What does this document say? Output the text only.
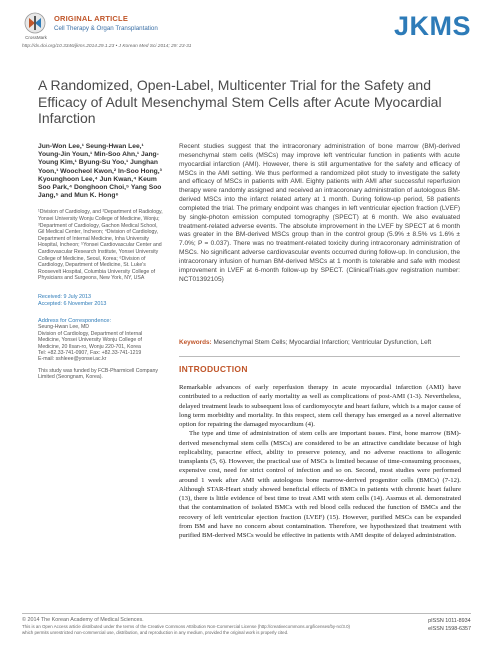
CrossMark
ORIGINAL ARTICLE
Cell Therapy & Organ Transplantation	JKMS
http://dx.doi.org/10.3346/jkms.2014.29.1.23 • J Korean Med Sci 2014; 29: 23-31
A Randomized, Open-Label, Multicenter Trial for the Safety and Efficacy of Adult Mesenchymal Stem Cells after Acute Myocardial Infarction
Jun-Won Lee,¹ Seung-Hwan Lee,¹ Young-Jin Youn,¹ Min-Soo Ahn,¹ Jang-Young Kim,¹ Byung-Su Yoo,¹ Junghan Yoon,¹ Woocheol Kwon,² In-Soo Hong,³ Kyounghoon Lee,⁴ Jun Kwan,⁴ Keum Soo Park,⁴ Donghoon Choi,⁵ Yang Soo Jang,⁵ and Mun K. Hong⁶
¹Division of Cardiology, and ²Department of Radiology, Yonsei University Wonju College of Medicine, Wonju; ³Department of Cardiology, Gachon Medical School, Gil Medical Center, Incheon; ⁴Division of Cardiology, Department of Internal Medicine, Inha University Hospital, Incheon; ⁵Yonsei Cardiovascular Center and Cardiovascular Research Institute, Yonsei University College of Medicine, Seoul, Korea; ⁶Division of Cardiology, Department of Medicine, St. Luke's Roosevelt Hospital, Columbia University College of Physicians and Surgeons, New York, NY, USA
Received: 9 July 2013
Accepted: 6 November 2013
Address for Correspondence:
Seung-Hwan Lee, MD
Division of Cardiology, Department of Internal Medicine, Yonsei University Wonju College of Medicine, 20 Ilsan-ro, Wonju 220-701, Korea
Tel: +82.33-741-0907, Fax: +82.33-741-1219
E-mail: sshleee@yonsei.ac.kr
This study was funded by FCB-Pharmicell Company Limited (Seongnam, Korea).
Recent studies suggest that the intracoronary administration of bone marrow (BM)-derived mesenchymal stem cells (MSCs) may improve left ventricular function in patients with acute myocardial infarction (AMI). However, there is still argumentative for the safety and efficacy of MSCs in the AMI setting. We thus performed a randomized pilot study to investigate the safety and efficacy of MSCs in patients with AMI. Eighty patients with AMI after successful reperfusion therapy were randomly assigned and received an intracoronary administration of autologous BM-derived MSCs into the infarct related artery at 1 month. During follow-up period, 58 patients completed the trial. The primary endpoint was changes in left ventricular ejection fraction (LVEF) by single-photon emission computed tomography (SPECT) at 6 month. We also evaluated treatment-related adverse events. The absolute improvement in the LVEF by SPECT at 6 month was greater in the BM-derived MSCs group than in the control group (5.9% ± 8.5% vs 1.6% ± 7.0%; P = 0.037). There was no treatment-related toxicity during intracoronary administration of MSCs. No significant adverse cardiovascular events occurred during follow-up. In conclusion, the intracoronary infusion of human BM-derived MSCs at 1 month is tolerable and safe with modest improvement in LVEF at 6-month follow-up by SPECT. (ClinicalTrials.gov registration number: NCT01392105)
Keywords: Mesenchymal Stem Cells; Myocardial Infarction; Ventricular Dysfunction, Left
INTRODUCTION

Remarkable advances of early reperfusion therapy in acute myocardial infarction (AMI) have contributed to a reduction of early mortality as well as complications of post-AMI (1-3). Nevertheless, delayed treatment leads to subsequent loss of cardiomyocyte and heart failure, which is a major cause of long term morbidity and mortality. In this respect, stem cell therapy has emerged as a novel alternative option for repairing the damaged myocardium (4).

The type and time of administration of stem cells are important issues. First, bone marrow (BM)-derived mesenchymal stem cells (MSCs) are considered to be an attractive candidate because of high replicability, paracrine effect, ability to preserve potency, and no adverse reactions to allogenic transplants (5, 6). However, the practical use of MSCs is limited because of time-consuming processes, expensive cost, need for strict control of infection and so on. Second, most studies were performed around 1 week after AMI with autologous bone marrow-derived progenitor cells (BMCs) (7-12). Although STAR-Heart study showed beneficial effects of BMCs in patients with chronic heart failure (13), there is little evidence of best time to treat AMI with stem cells (14). Assmus et al. demonstrated that the contamination of isolated BMCs with red blood cells reduced the function of BMCs and the recovery of left ventricular ejection fraction (LVEF) (15). However, purified MSCs can be expanded from BM and have no concern about contamination. Therefore, we hypothesized that treatment with purified BM-derived MSCs would be effective in patients with AMI despite of delayed administration.

© 2014 The Korean Academy of Medical Sciences.
This is an Open Access article distributed under the terms of the Creative Commons Attribution Non-Commercial License (http://creativecommons.org/licenses/by-nc/3.0) which permits unrestricted non-commercial use, distribution, and reproduction in any medium, provided the original work is properly cited.
pISSN 1011-8934
eISSN 1598-6357
